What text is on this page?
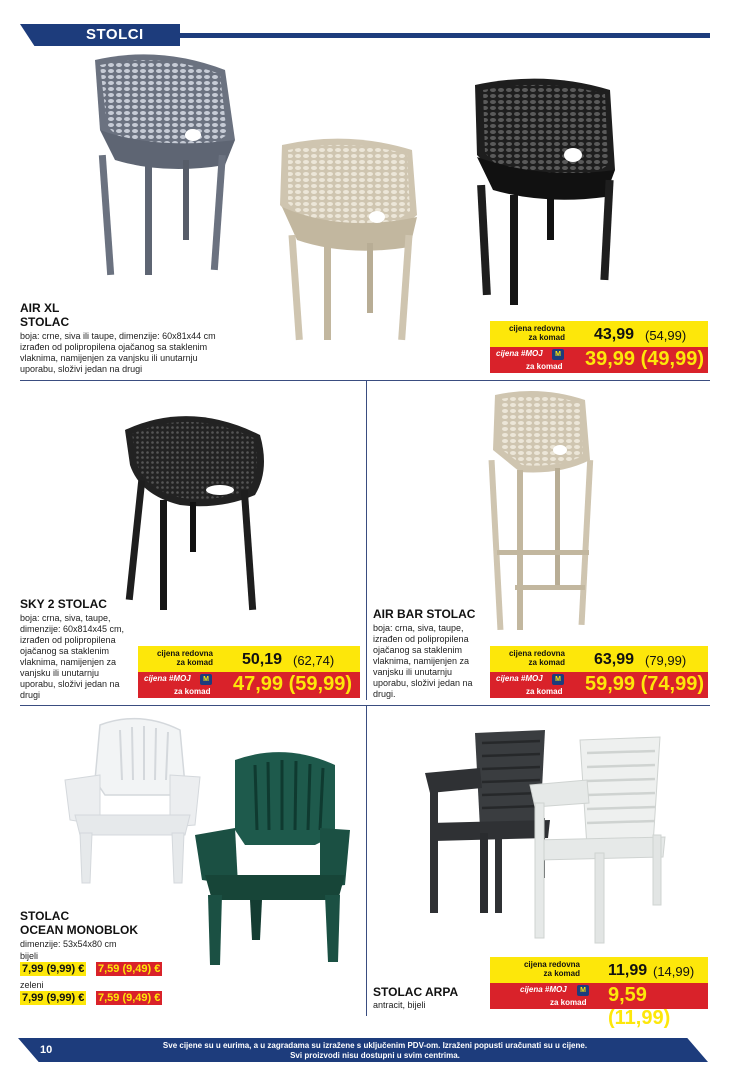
STOLCI
AIR XL
STOLAC
boja: crne, siva ili taupe, dimenzije: 60x81x44 cm
izrađen od polipropilena ojačanog sa staklenim
vlaknima, namijenjen za vanjsku ili unutarnju
uporabu, složivi jedan na drugi
cijena redovna
za komad 43,99 (54,99)
cijena #MOJ	M
za komad 39,99 (49,99)
SKY 2 STOLAC
boja: crna, siva, taupe,
dimenzije: 60x814x45 cm,
izrađen od polipropilena
ojačanog sa staklenim
vlaknima, namijenjen za
vanjsku ili unutarnju
uporabu, složivi jedan na
drugi
cijena redovna
za komad 50,19 (62,74)
cijena #MOJ	M
za komad 47,99 (59,99)
AIR BAR STOLAC
boja: crna, siva, taupe,
izrađen od polipropilena
ojačanog sa staklenim
vlaknima, namijenjen za
vanjsku ili unutarnju
uporabu, složivi jedan na
drugi.
cijena redovna
za komad 63,99 (79,99)
cijena #MOJ	M
za komad 59,99 (74,99)
STOLAC
OCEAN MONOBLOK
dimenzije: 53x54x80 cm
bijeli
7,99 (9,99) € 7,59 (9,49) €
zeleni
7,99 (9,99) € 7,59 (9,49) €	STOLAC ARPA
antracit, bijeli
cijena redovna
za komad 11,99 (14,99)
cijena #MOJ	M
za komad 9,59 (11,99)
10	Sve cijene su u eurima, a u zagradama su izražene s uključenim PDV-om. Izraženi popusti uračunati su u cijene.
Svi proizvodi nisu dostupni u svim centrima.
